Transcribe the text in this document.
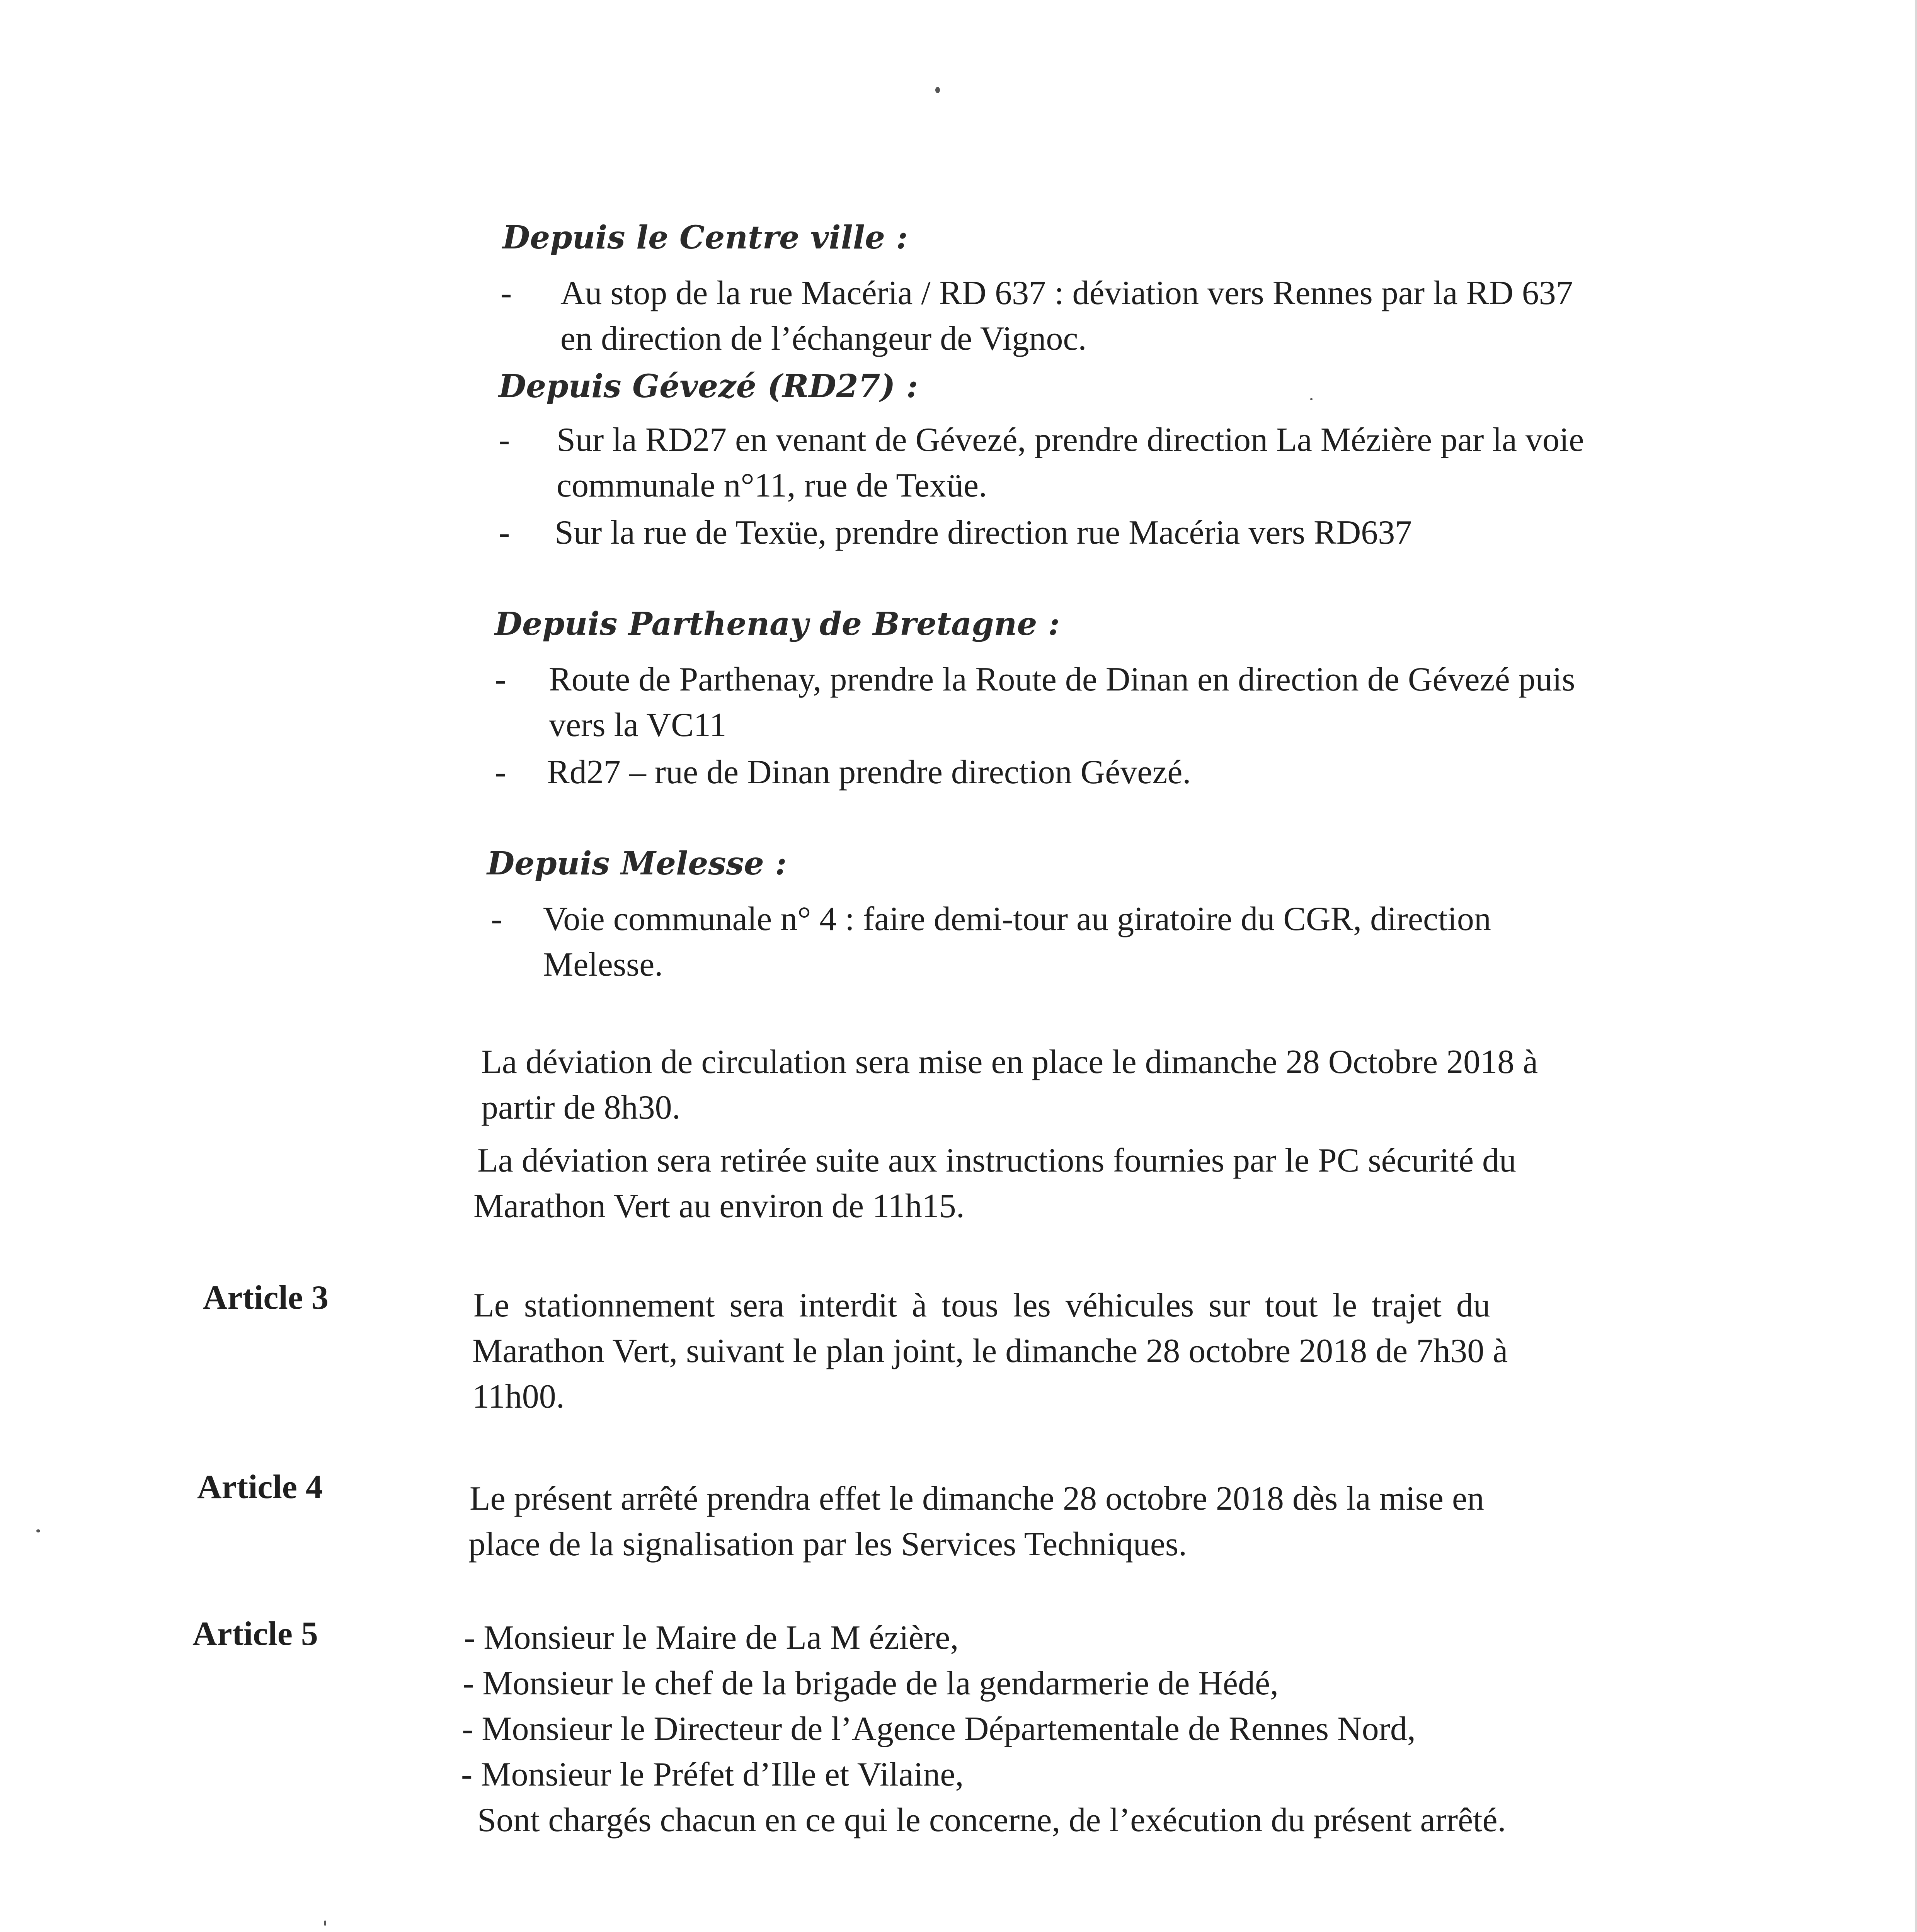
Depuis le Centre ville :
- Au stop de la rue Macéria / RD 637 : déviation vers Rennes par la RD 637
en direction de l’échangeur de Vignoc.
Depuis Gévezé (RD27) :
- Sur la RD27 en venant de Gévezé, prendre direction La Mézière par la voie
communale n°11, rue de Texüe.
- Sur la rue de Texüe, prendre direction rue Macéria vers RD637
Depuis Parthenay de Bretagne :
- Route de Parthenay, prendre la Route de Dinan en direction de Gévezé puis
vers la VC11
- Rd27 – rue de Dinan prendre direction Gévezé.
Depuis Melesse :
- Voie communale n° 4 : faire demi-tour au giratoire du CGR, direction
Melesse.
La déviation de circulation sera mise en place le dimanche 28 Octobre 2018 à
partir de 8h30.
La déviation sera retirée suite aux instructions fournies par le PC sécurité du
Marathon Vert au environ de 11h15.
Article 3	Le stationnement sera interdit à tous les véhicules sur tout le trajet du
Marathon Vert, suivant le plan joint, le dimanche 28 octobre 2018 de 7h30 à
11h00.
Article 4	Le présent arrêté prendra effet le dimanche 28 octobre 2018 dès la mise en
place de la signalisation par les Services Techniques.
Article 5	- Monsieur le Maire de La M ézière,
- Monsieur le chef de la brigade de la gendarmerie de Hédé,
- Monsieur le Directeur de l’Agence Départementale de Rennes Nord,
- Monsieur le Préfet d’Ille et Vilaine,
Sont chargés chacun en ce qui le concerne, de l’exécution du présent arrêté.
